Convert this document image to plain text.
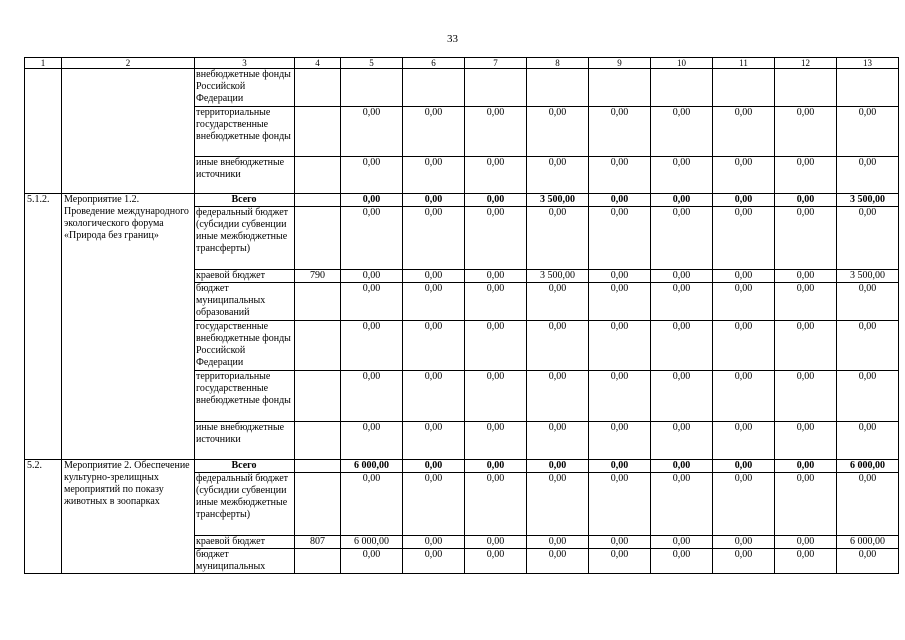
33
1	2	3	4	5	6	7	8	9	10	11	12	13
		внебюджетные фонды Российской Федерации										
		территориальные государственные внебюджетные фонды		0,00	0,00	0,00	0,00	0,00	0,00	0,00	0,00	0,00
		иные внебюджетные источники		0,00	0,00	0,00	0,00	0,00	0,00	0,00	0,00	0,00
5.1.2.	Мероприятие 1.2. Проведение международного экологического форума «Природа без границ»	Всего		0,00	0,00	0,00	3 500,00	0,00	0,00	0,00	0,00	3 500,00
		федеральный бюджет (субсидии субвенции иные межбюджетные трансферты)		0,00	0,00	0,00	0,00	0,00	0,00	0,00	0,00	0,00
		краевой бюджет	790	0,00	0,00	0,00	3 500,00	0,00	0,00	0,00	0,00	3 500,00
		бюджет муниципальных образований		0,00	0,00	0,00	0,00	0,00	0,00	0,00	0,00	0,00
		государственные внебюджетные фонды Российской Федерации		0,00	0,00	0,00	0,00	0,00	0,00	0,00	0,00	0,00
		территориальные государственные внебюджетные фонды		0,00	0,00	0,00	0,00	0,00	0,00	0,00	0,00	0,00
		иные внебюджетные источники		0,00	0,00	0,00	0,00	0,00	0,00	0,00	0,00	0,00
5.2.	Мероприятие 2. Обеспечение культурно-зрелищных мероприятий по показу животных в зоопарках	Всего		6 000,00	0,00	0,00	0,00	0,00	0,00	0,00	0,00	6 000,00
		федеральный бюджет (субсидии субвенции иные межбюджетные трансферты)		0,00	0,00	0,00	0,00	0,00	0,00	0,00	0,00	0,00
		краевой бюджет	807	6 000,00	0,00	0,00	0,00	0,00	0,00	0,00	0,00	6 000,00
		бюджет муниципальных		0,00	0,00	0,00	0,00	0,00	0,00	0,00	0,00	0,00
